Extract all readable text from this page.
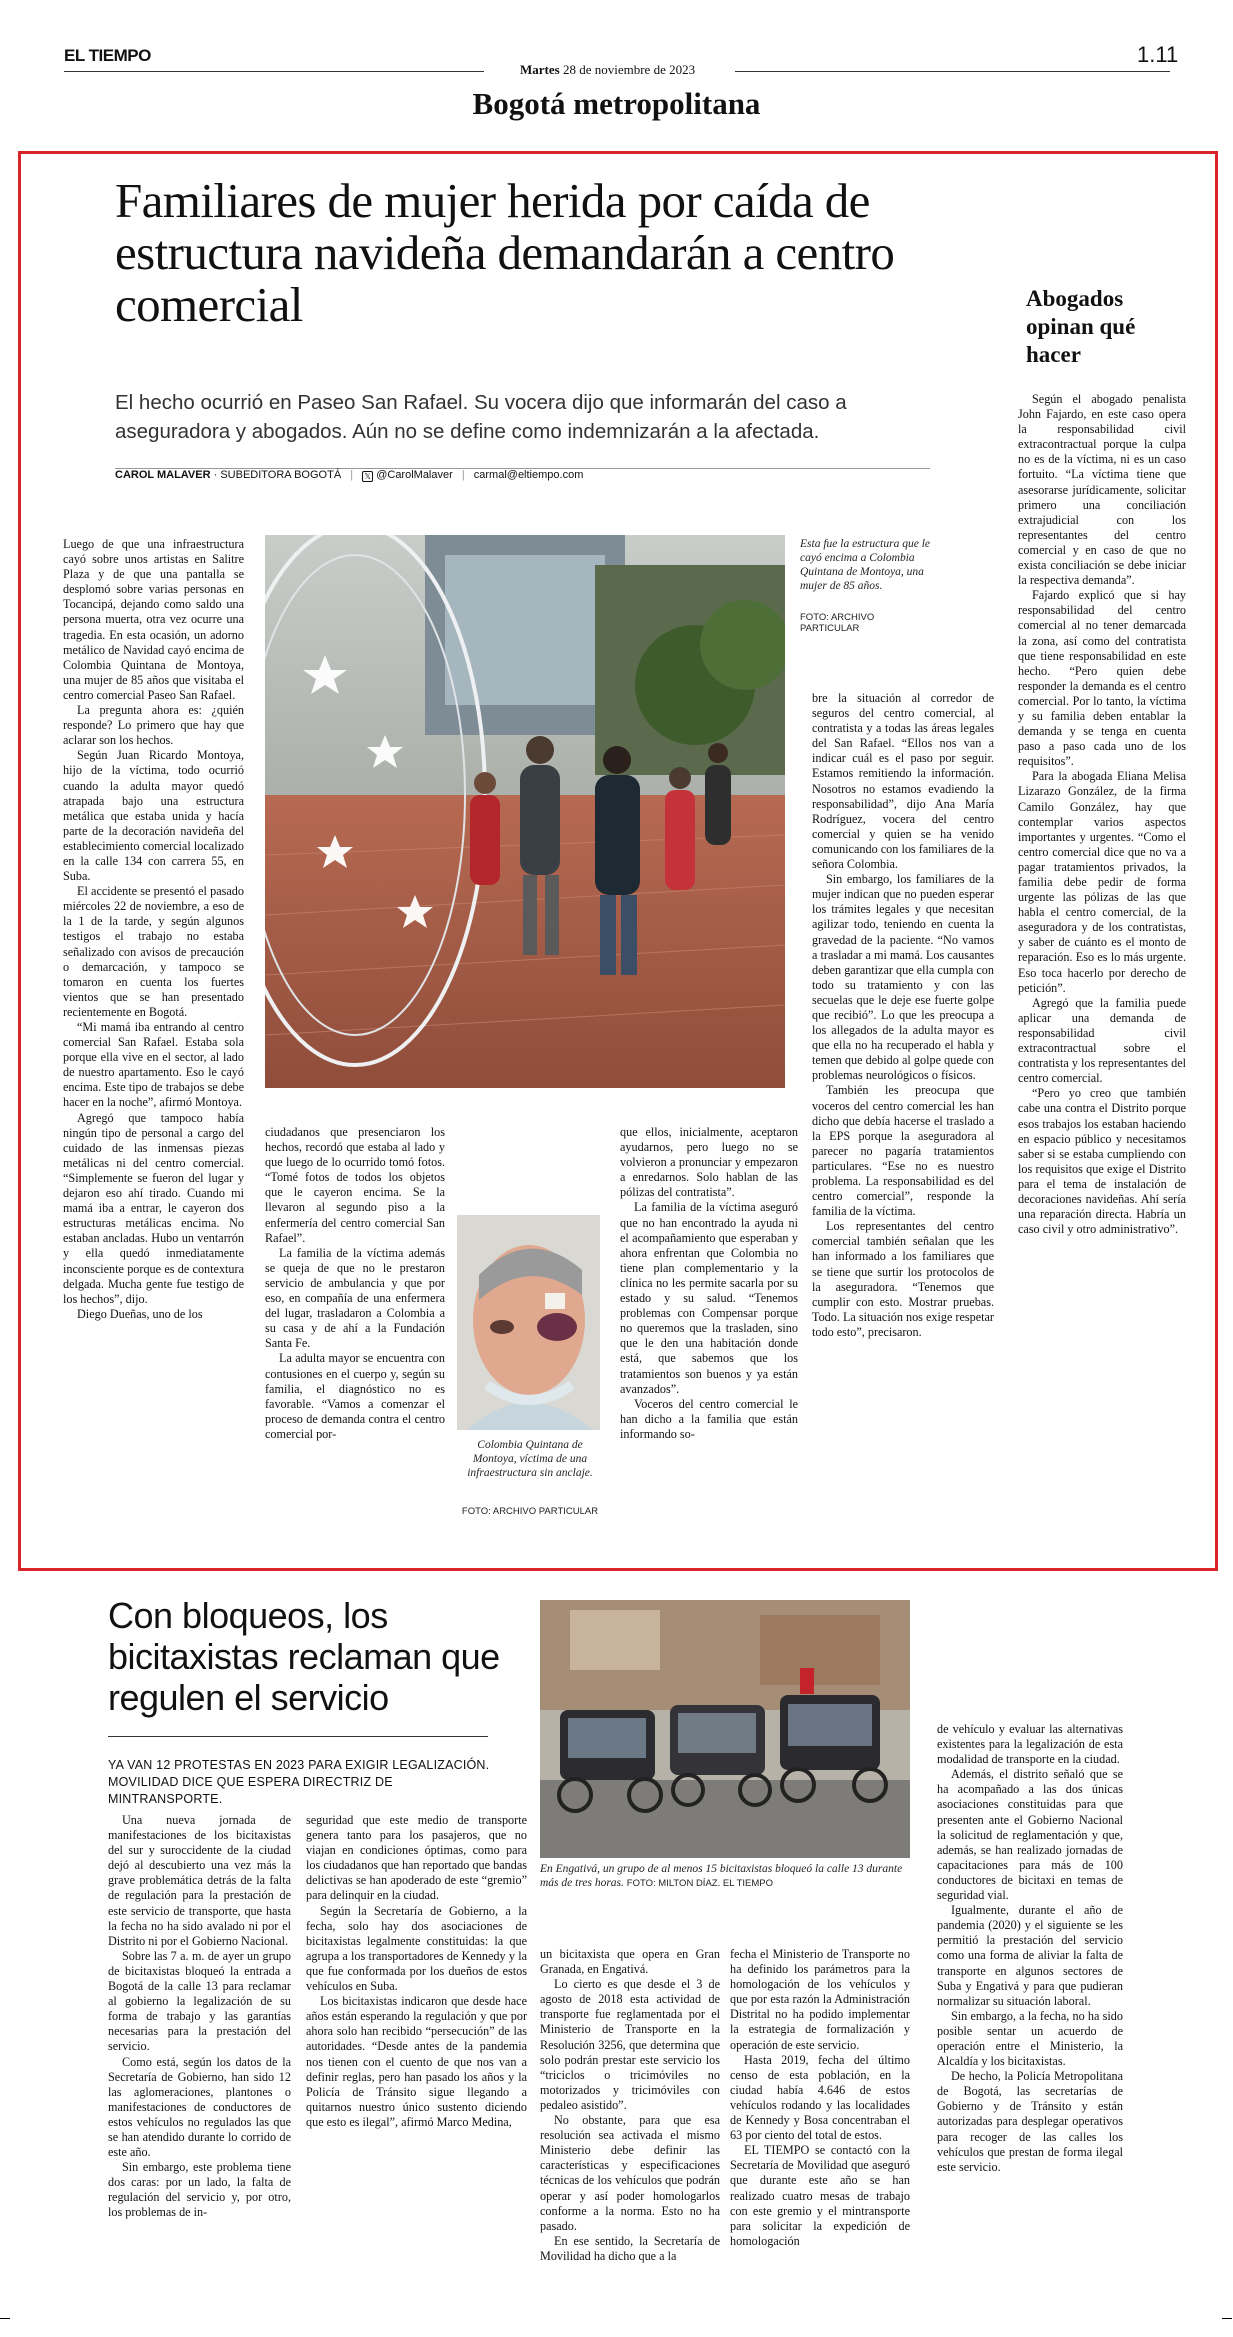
EL TIEMPO
Martes 28 de noviembre de 2023
1.11
Bogotá metropolitana
Familiares de mujer herida por caída de estructura navideña demandarán a centro comercial
El hecho ocurrió en Paseo San Rafael. Su vocera dijo que informarán del caso a aseguradora y abogados. Aún no se define como indemnizarán a la afectada.
CAROL MALAVER · SUBEDITORA BOGOTÁ | 𝕏 @CarolMalaver | carmal@eltiempo.com
Esta fue la estructura que le cayó encima a Colombia Quintana de Montoya, una mujer de 85 años.
FOTO: ARCHIVO PARTICULAR

Luego de que una infraestructura cayó sobre unos artistas en Salitre Plaza y de que una pantalla se desplomó sobre varias personas en Tocancipá, dejando como saldo una persona muerta, otra vez ocurre una tragedia. En esta ocasión, un adorno metálico de Navidad cayó encima de Colombia Quintana de Montoya, una mujer de 85 años que visitaba el centro comercial Paseo San Rafael.

La pregunta ahora es: ¿quién responde? Lo primero que hay que aclarar son los hechos.

Según Juan Ricardo Montoya, hijo de la víctima, todo ocurrió cuando la adulta mayor quedó atrapada bajo una estructura metálica que estaba unida y hacía parte de la decoración navideña del establecimiento comercial localizado en la calle 134 con carrera 55, en Suba.

El accidente se presentó el pasado miércoles 22 de noviembre, a eso de la 1 de la tarde, y según algunos testigos el trabajo no estaba señalizado con avisos de precaución o demarcación, y tampoco se tomaron en cuenta los fuertes vientos que se han presentado recientemente en Bogotá.

“Mi mamá iba entrando al centro comercial San Rafael. Estaba sola porque ella vive en el sector, al lado de nuestro apartamento. Eso le cayó encima. Este tipo de trabajos se debe hacer en la noche”, afirmó Montoya.

Agregó que tampoco había ningún tipo de personal a cargo del cuidado de las inmensas piezas metálicas ni del centro comercial. “Simplemente se fueron del lugar y dejaron eso ahí tirado. Cuando mi mamá iba a entrar, le cayeron dos estructuras metálicas encima. No estaban ancladas. Hubo un ventarrón y ella quedó inmediatamente inconsciente porque es de contextura delgada. Mucha gente fue testigo de los hechos”, dijo.

Diego Dueñas, uno de los

ciudadanos que presenciaron los hechos, recordó que estaba al lado y que luego de lo ocurrido tomó fotos. “Tomé fotos de todos los objetos que le cayeron encima. Se la llevaron al segundo piso a la enfermería del centro comercial San Rafael”.

La familia de la víctima además se queja de que no le prestaron servicio de ambulancia y que por eso, en compañía de una enfermera del lugar, trasladaron a Colombia a su casa y de ahí a la Fundación Santa Fe.

La adulta mayor se encuentra con contusiones en el cuerpo y, según su familia, el diagnóstico no es favorable. “Vamos a comenzar el proceso de demanda contra el centro comercial por-

Colombia Quintana de Montoya, víctima de una infraestructura sin anclaje.
FOTO: ARCHIVO PARTICULAR

que ellos, inicialmente, aceptaron ayudarnos, pero luego no se volvieron a pronunciar y empezaron a enredarnos. Solo hablan de las pólizas del contratista”.

La familia de la víctima aseguró que no han encontrado la ayuda ni el acompañamiento que esperaban y ahora enfrentan que Colombia no tiene plan complementario y la clínica no les permite sacarla por su estado y su salud. “Tenemos problemas con Compensar porque no queremos que la trasladen, sino que le den una habitación donde está, que sabemos que los tratamientos son buenos y ya están avanzados”.

Voceros del centro comercial le han dicho a la familia que están informando so-

bre la situación al corredor de seguros del centro comercial, al contratista y a todas las áreas legales del San Rafael. “Ellos nos van a indicar cuál es el paso por seguir. Estamos remitiendo la información. Nosotros no estamos evadiendo la responsabilidad”, dijo Ana María Rodríguez, vocera del centro comercial y quien se ha venido comunicando con los familiares de la señora Colombia.

Sin embargo, los familiares de la mujer indican que no pueden esperar los trámites legales y que necesitan agilizar todo, teniendo en cuenta la gravedad de la paciente. “No vamos a trasladar a mi mamá. Los causantes deben garantizar que ella cumpla con todo su tratamiento y con las secuelas que le deje ese fuerte golpe que recibió”. Lo que les preocupa a los allegados de la adulta mayor es que ella no ha recuperado el habla y temen que debido al golpe quede con problemas neurológicos o físicos.

También les preocupa que voceros del centro comercial les han dicho que debía hacerse el traslado a la EPS porque la aseguradora al parecer no pagaría tratamientos particulares. “Ese no es nuestro problema. La responsabilidad es del centro comercial”, responde la familia de la víctima.

Los representantes del centro comercial también señalan que les han informado a los familiares que se tiene que surtir los protocolos de la aseguradora. “Tenemos que cumplir con esto. Mostrar pruebas. Todo. La situación nos exige respetar todo esto”, precisaron.

Abogados opinan qué hacer

Según el abogado penalista John Fajardo, en este caso opera la responsabilidad civil extracontractual porque la culpa no es de la víctima, ni es un caso fortuito. “La víctima tiene que asesorarse jurídicamente, solicitar primero una conciliación extrajudicial con los representantes del centro comercial y en caso de que no exista conciliación se debe iniciar la respectiva demanda”.

Fajardo explicó que si hay responsabilidad del centro comercial al no tener demarcada la zona, así como del contratista que tiene responsabilidad en este hecho. “Pero quien debe responder la demanda es el centro comercial. Por lo tanto, la víctima y su familia deben entablar la demanda y se tenga en cuenta paso a paso cada uno de los requisitos”.

Para la abogada Eliana Melisa Lizarazo González, de la firma Camilo González, hay que contemplar varios aspectos importantes y urgentes. “Como el centro comercial dice que no va a pagar tratamientos privados, la familia debe pedir de forma urgente las pólizas de las que habla el centro comercial, de la aseguradora y de los contratistas, y saber de cuánto es el monto de reparación. Eso es lo más urgente. Eso toca hacerlo por derecho de petición”.

Agregó que la familia puede aplicar una demanda de responsabilidad civil extracontractual sobre el contratista y los representantes del centro comercial.

“Pero yo creo que también cabe una contra el Distrito porque esos trabajos los estaban haciendo en espacio público y necesitamos saber si se estaba cumpliendo con los requisitos que exige el Distrito para el tema de instalación de decoraciones navideñas. Ahí sería una reparación directa. Habría un caso civil y otro administrativo”.

Con bloqueos, los bicitaxistas reclaman que regulen el servicio
YA VAN 12 PROTESTAS EN 2023 PARA EXIGIR LEGALIZACIÓN. MOVILIDAD DICE QUE ESPERA DIRECTRIZ DE MINTRANSPORTE.
En Engativá, un grupo de al menos 15 bicitaxistas bloqueó la calle 13 durante más de tres horas. FOTO: MILTON DÍAZ. EL TIEMPO

Una nueva jornada de manifestaciones de los bicitaxistas del sur y suroccidente de la ciudad dejó al descubierto una vez más la grave problemática detrás de la falta de regulación para la prestación de este servicio de transporte, que hasta la fecha no ha sido avalado ni por el Distrito ni por el Gobierno Nacional.

Sobre las 7 a. m. de ayer un grupo de bicitaxistas bloqueó la entrada a Bogotá de la calle 13 para reclamar al gobierno la legalización de su forma de trabajo y las garantías necesarias para la prestación del servicio.

Como está, según los datos de la Secretaría de Gobierno, han sido 12 las aglomeraciones, plantones o manifestaciones de conductores de estos vehículos no regulados las que se han atendido durante lo corrido de este año.

Sin embargo, este problema tiene dos caras: por un lado, la falta de regulación del servicio y, por otro, los problemas de in-

seguridad que este medio de transporte genera tanto para los pasajeros, que no viajan en condiciones óptimas, como para los ciudadanos que han reportado que bandas delictivas se han apoderado de este “gremio” para delinquir en la ciudad.

Según la Secretaría de Gobierno, a la fecha, solo hay dos asociaciones de bicitaxistas legalmente constituidas: la que agrupa a los transportadores de Kennedy y la que fue conformada por los dueños de estos vehículos en Suba.

Los bicitaxistas indicaron que desde hace años están esperando la regulación y que por ahora solo han recibido “persecución” de las autoridades. “Desde antes de la pandemia nos tienen con el cuento de que nos van a definir reglas, pero han pasado los años y la Policía de Tránsito sigue llegando a quitarnos nuestro único sustento diciendo que esto es ilegal”, afirmó Marco Medina,

un bicitaxista que opera en Gran Granada, en Engativá.

Lo cierto es que desde el 3 de agosto de 2018 esta actividad de transporte fue reglamentada por el Ministerio de Transporte en la Resolución 3256, que determina que solo podrán prestar este servicio los “triciclos o tricimóviles no motorizados y tricimóviles con pedaleo asistido”.

No obstante, para que esa resolución sea activada el mismo Ministerio debe definir las características y especificaciones técnicas de los vehículos que podrán operar y así poder homologarlos conforme a la norma. Esto no ha pasado.

En ese sentido, la Secretaría de Movilidad ha dicho que a la

fecha el Ministerio de Transporte no ha definido los parámetros para la homologación de los vehículos y que por esta razón la Administración Distrital no ha podido implementar la estrategia de formalización y operación de este servicio.

Hasta 2019, fecha del último censo de esta población, en la ciudad había 4.646 de estos vehículos rodando y las localidades de Kennedy y Bosa concentraban el 63 por ciento del total de estos.

EL TIEMPO se contactó con la Secretaría de Movilidad que aseguró que durante este año se han realizado cuatro mesas de trabajo con este gremio y el mintransporte para solicitar la expedición de homologación

de vehículo y evaluar las alternativas existentes para la legalización de esta modalidad de transporte en la ciudad.

Además, el distrito señaló que se ha acompañado a las dos únicas asociaciones constituidas para que presenten ante el Gobierno Nacional la solicitud de reglamentación y que, además, se han realizado jornadas de capacitaciones para más de 100 conductores de bicitaxi en temas de seguridad vial.

Igualmente, durante el año de pandemia (2020) y el siguiente se les permitió la prestación del servicio como una forma de aliviar la falta de transporte en algunos sectores de Suba y Engativá y para que pudieran normalizar su situación laboral.

Sin embargo, a la fecha, no ha sido posible sentar un acuerdo de operación entre el Ministerio, la Alcaldía y los bicitaxistas.

De hecho, la Policía Metropolitana de Bogotá, las secretarías de Gobierno y de Tránsito y están autorizadas para desplegar operativos para recoger de las calles los vehículos que prestan de forma ilegal este servicio.
